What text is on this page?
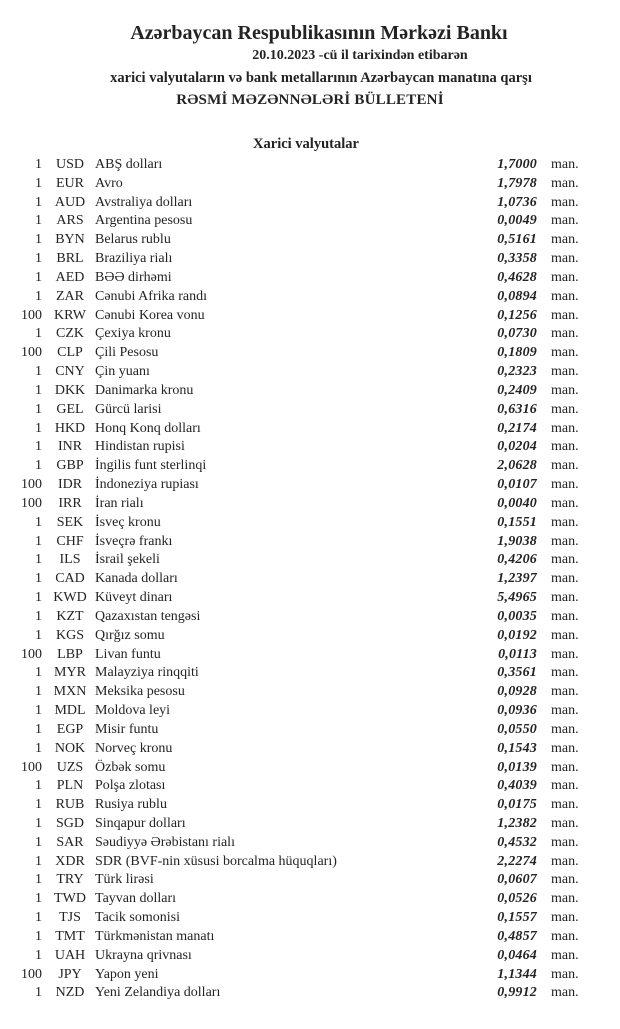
Azərbaycan Respublikasının Mərkəzi Bankı
20.10.2023 -cü il tarixindən etibarən
xarici valyutaların və bank metallarının Azərbaycan manatına qarşı
RƏSMİ MƏZƏNNƏLƏRİ BÜLLETENİ
Xarici valyutalar
1 USD ABŞ dolları	1,7000 man.
1	EUR Avro	1,7978 man.
1 AUD Avstraliya dolları	1,0736 man.
1	ARS Argentina pesosu	0,0049 man.
1 BYN Belarus rublu	0,5161 man.
1	BRL Braziliya rialı	0,3358 man.
1 AED BƏƏ dirhəmi	0,4628 man.
1	ZAR Cənubi Afrika randı	0,0894 man.
100 KRW Cənubi Korea vonu	0,1256 man.
1	CZK Çexiya kronu	0,0730 man.
100	CLP Çili Pesosu	0,1809 man.
1 CNY Çin yuanı	0,2323 man.
1 DKK Danimarka kronu	0,2409 man.
1	GEL Gürcü larisi	0,6316 man.
1 HKD Honq Konq dolları	0,2174 man.
1	INR Hindistan rupisi	0,0204 man.
1	GBP İngilis funt sterlinqi	2,0628 man.
100	IDR İndoneziya rupiası	0,0107 man.
100	IRR İran rialı	0,0040 man.
1	SEK İsveç kronu	0,1551 man.
1	CHF İsveçrə frankı	1,9038 man.
1	ILS	İsrail şekeli	0,4206 man.
1 CAD Kanada dolları	1,2397 man.
1 KWD Küveyt dinarı	5,4965 man.
1	KZT Qazaxıstan tengəsi	0,0035 man.
1 KGS Qırğız somu	0,0192 man.
100	LBP Livan funtu	0,0113 man.
1 MYR Malayziya rinqqiti	0,3561 man.
1 MXN Meksika pesosu	0,0928 man.
1 MDL Moldova leyi	0,0936 man.
1	EGP Misir funtu	0,0550 man.
1 NOK Norveç kronu	0,1543 man.
100	UZS Özbək somu	0,0139 man.
1	PLN Polşa zlotası	0,4039 man.
1 RUB Rusiya rublu	0,0175 man.
1 SGD Sinqapur dolları	1,2382 man.
1	SAR Səudiyyə Ərəbistanı rialı	0,4532 man.
1 XDR SDR (BVF-nin xüsusi borcalma hüquqları)	2,2274 man.
1	TRY Türk lirəsi	0,0607 man.
1 TWD Tayvan dolları	0,0526 man.
1	TJS	Tacik somonisi	0,1557 man.
1 TMT Türkmənistan manatı	0,4857 man.
1 UAH Ukrayna qrivnası	0,0464 man.
100	JPY Yapon yeni	1,1344 man.
1 NZD Yeni Zelandiya dolları	0,9912 man.
